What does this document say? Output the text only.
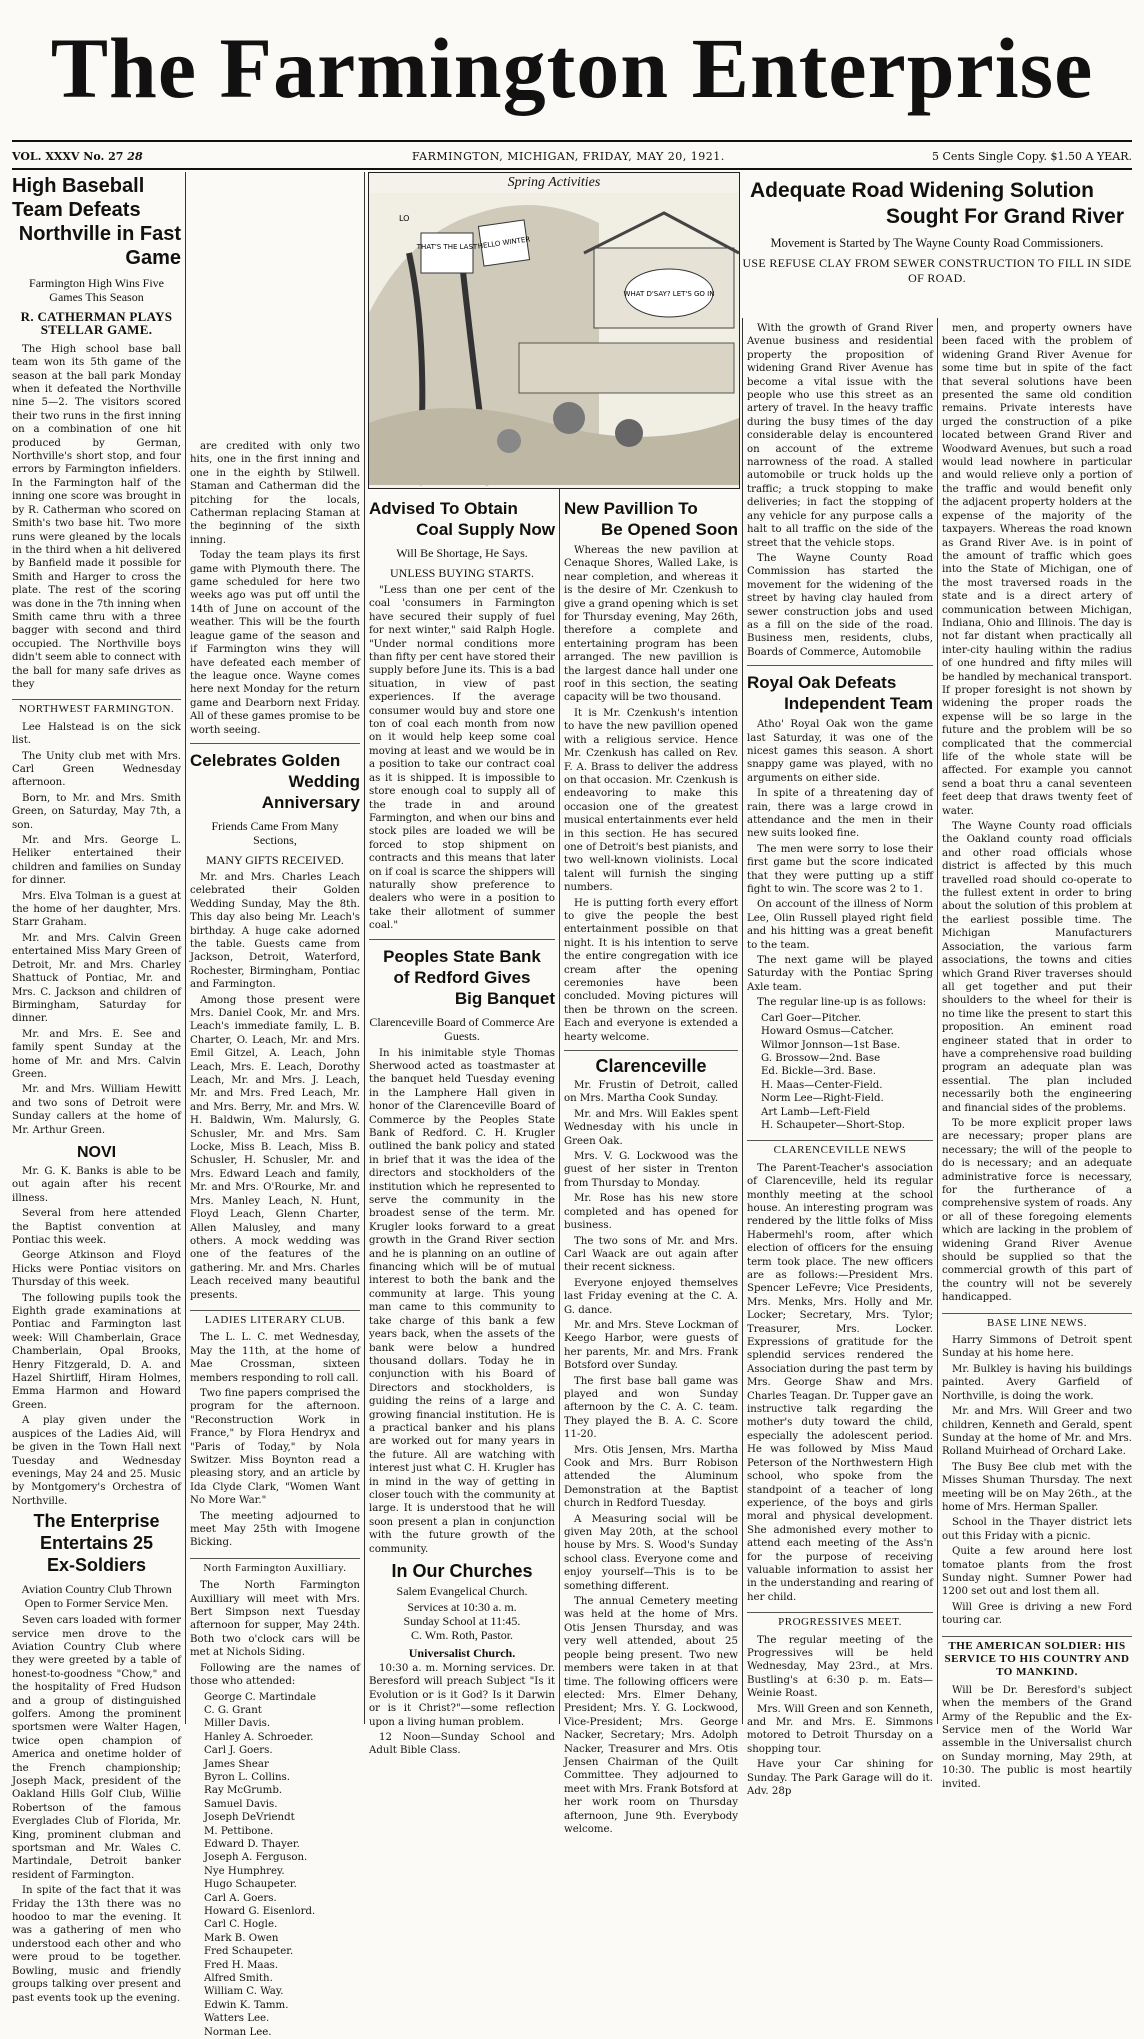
The Farmington Enterprise
VOL. XXXV No. 27 28	FARMINGTON, MICHIGAN, FRIDAY, MAY 20, 1921.	5 Cents Single Copy. $1.50 A YEAR.
High Baseball Team Defeats
Northville in Fast Game
Farmington High Wins Five Games This Season
R. CATHERMAN PLAYS STELLAR GAME.

The High school base ball team won its 5th game of the season at the ball park Monday when it defeated the Northville nine 5—2. The visitors scored their two runs in the first inning on a combination of one hit produced by German, Northville's short stop, and four errors by Farmington infielders. In the Farmington half of the inning one score was brought in by R. Catherman who scored on Smith's two base hit. Two more runs were gleaned by the locals in the third when a hit delivered by Banfield made it possible for Smith and Harger to cross the plate. The rest of the scoring was done in the 7th inning when Smith came thru with a three bagger with second and third occupied. The Northville boys didn't seem able to connect with the ball for many safe drives as they

NORTHWEST FARMINGTON.

Lee Halstead is on the sick list.

The Unity club met with Mrs. Carl Green Wednesday afternoon.

Born, to Mr. and Mrs. Smith Green, on Saturday, May 7th, a son.

Mr. and Mrs. George L. Heliker entertained their children and families on Sunday for dinner.

Mrs. Elva Tolman is a guest at the home of her daughter, Mrs. Starr Graham.

Mr. and Mrs. Calvin Green entertained Miss Mary Green of Detroit, Mr. and Mrs. Charley Shattuck of Pontiac, Mr. and Mrs. C. Jackson and children of Birmingham, Saturday for dinner.

Mr. and Mrs. E. See and family spent Sunday at the home of Mr. and Mrs. Calvin Green.

Mr. and Mrs. William Hewitt and two sons of Detroit were Sunday callers at the home of Mr. Arthur Green.

NOVI

Mr. G. K. Banks is able to be out again after his recent illness.

Several from here attended the Baptist convention at Pontiac this week.

George Atkinson and Floyd Hicks were Pontiac visitors on Thursday of this week.

The following pupils took the Eighth grade examinations at Pontiac and Farmington last week: Will Chamberlain, Grace Chamberlain, Opal Brooks, Henry Fitzgerald, D. A. and Hazel Shirtliff, Hiram Holmes, Emma Harmon and Howard Green.

A play given under the auspices of the Ladies Aid, will be given in the Town Hall next Tuesday and Wednesday evenings, May 24 and 25. Music by Montgomery's Orchestra of Northville.

The Enterprise
Entertains 25
Ex-Soldiers
Aviation Country Club Thrown Open to Former Service Men.

Seven cars loaded with former service men drove to the Aviation Country Club where they were greeted by a table of honest-to-goodness "Chow," and the hospitality of Fred Hudson and a group of distinguished golfers. Among the prominent sportsmen were Walter Hagen, twice open champion of America and onetime holder of the French championship; Joseph Mack, president of the Oakland Hills Golf Club, Willie Robertson of the famous Everglades Club of Florida, Mr. King, prominent clubman and sportsman and Mr. Wales C. Martindale, Detroit banker resident of Farmington.

In spite of the fact that it was Friday the 13th there was no hoodoo to mar the evening. It was a gathering of men who understood each other and who were proud to be together. Bowling, music and friendly groups talking over present and past events took up the evening.

are credited with only two hits, one in the first inning and one in the eighth by Stilwell. Staman and Catherman did the pitching for the locals, Catherman replacing Staman at the beginning of the sixth inning.

Today the team plays its first game with Plymouth there. The game scheduled for here two weeks ago was put off until the 14th of June on account of the weather. This will be the fourth league game of the season and if Farmington wins they will have defeated each member of the league once. Wayne comes here next Monday for the return game and Dearborn next Friday. All of these games promise to be worth seeing.

Celebrates Golden
Wedding Anniversary
Friends Came From Many Sections,
MANY GIFTS RECEIVED.

Mr. and Mrs. Charles Leach celebrated their Golden Wedding Sunday, May the 8th. This day also being Mr. Leach's birthday. A huge cake adorned the table. Guests came from Jackson, Detroit, Waterford, Rochester, Birmingham, Pontiac and Farmington.

Among those present were Mrs. Daniel Cook, Mr. and Mrs. Leach's immediate family, L. B. Charter, O. Leach, Mr. and Mrs. Emil Gitzel, A. Leach, John Leach, Mrs. E. Leach, Dorothy Leach, Mr. and Mrs. J. Leach, Mr. and Mrs. Fred Leach, Mr. and Mrs. Berry, Mr. and Mrs. W. H. Baldwin, Wm. Malursly, G. Schusler, Mr. and Mrs. Sam Locke, Miss B. Leach, Miss B. Schusler, H. Schusler, Mr. and Mrs. Edward Leach and family, Mr. and Mrs. O'Rourke, Mr. and Mrs. Manley Leach, N. Hunt, Floyd Leach, Glenn Charter, Allen Malusley, and many others. A mock wedding was one of the features of the gathering. Mr. and Mrs. Charles Leach received many beautiful presents.

LADIES LITERARY CLUB.

The L. L. C. met Wednesday, May the 11th, at the home of Mae Crossman, sixteen members responding to roll call.

Two fine papers comprised the program for the afternoon. "Reconstruction Work in France," by Flora Hendryx and "Paris of Today," by Nola Switzer. Miss Boynton read a pleasing story, and an article by Ida Clyde Clark, "Women Want No More War."

The meeting adjourned to meet May 25th with Imogene Bicking.

North Farmington Auxilliary.

The North Farmington Auxilliary will meet with Mrs. Bert Simpson next Tuesday afternoon for supper, May 24th. Both two o'clock cars will be met at Nichols Siding.

Following are the names of those who attended:

George C. Martindale
C. G. Grant
Miller Davis.
Hanley A. Schroeder.
Carl J. Goers.
James Shear
Byron L. Collins.
Ray McGrumb.
Samuel Davis.
Joseph DeVriendt
M. Pettibone.
Edward D. Thayer.
Joseph A. Ferguson.
Nye Humphrey.
Hugo Schaupeter.
Carl A. Goers.
Howard G. Eisenlord.
Carl C. Hogle.
Mark B. Owen
Fred Schaupeter.
Fred H. Maas.
Alfred Smith.
William C. Way.
Edwin K. Tamm.
Watters Lee.
Norman Lee.
Spring Activities
THAT'S THE LAST HELLO WINTER
WHAT D'SAY? LET'S GO IN
LO
Advised To Obtain
Coal Supply Now
Will Be Shortage, He Says.
UNLESS BUYING STARTS.

"Less than one per cent of the coal 'consumers in Farmington have secured their supply of fuel for next winter," said Ralph Hogle. "Under normal conditions more than fifty per cent have stored their supply before June its. This is a bad situation, in view of past experiences. If the average consumer would buy and store one ton of coal each month from now on it would help keep some coal moving at least and we would be in a position to take our contract coal as it is shipped. It is impossible to store enough coal to supply all of the trade in and around Farmington, and when our bins and stock piles are loaded we will be forced to stop shipment on contracts and this means that later on if coal is scarce the shippers will naturally show preference to dealers who were in a position to take their allotment of summer coal."

Peoples State Bank
of Redford Gives
Big Banquet
Clarenceville Board of Commerce Are Guests.

In his inimitable style Thomas Sherwood acted as toastmaster at the banquet held Tuesday evening in the Lamphere Hall given in honor of the Clarenceville Board of Commerce by the Peoples State Bank of Redford. C. H. Krugler outlined the bank policy and stated in brief that it was the idea of the directors and stockholders of the institution which he represented to serve the community in the broadest sense of the term. Mr. Krugler looks forward to a great growth in the Grand River section and he is planning on an outline of financing which will be of mutual interest to both the bank and the community at large. This young man came to this community to take charge of this bank a few years back, when the assets of the bank were below a hundred thousand dollars. Today he in conjunction with his Board of Directors and stockholders, is guiding the reins of a large and growing financial institution. He is a practical banker and his plans are worked out for many years in the future. All are watching with interest just what C. H. Krugler has in mind in the way of getting in closer touch with the community at large. It is understood that he will soon present a plan in conjunction with the future growth of the community.

In Our Churches
Salem Evangelical Church.
Services at 10:30 a. m.
Sunday School at 11:45.
C. Wm. Roth, Pastor.
Universalist Church.

10:30 a. m. Morning services. Dr. Beresford will preach Subject "Is it Evolution or is it God? Is it Darwin or is it Christ?"—some reflection upon a living human problem.

12 Noon—Sunday School and Adult Bible Class.

New Pavillion To
Be Opened Soon

Whereas the new pavilion at Cenaque Shores, Walled Lake, is near completion, and whereas it is the desire of Mr. Czenkush to give a grand opening which is set for Thursday evening, May 26th, therefore a complete and entertaining program has been arranged. The new pavillion is the largest dance hall under one roof in this section, the seating capacity will be two thousand.

It is Mr. Czenkush's intention to have the new pavillion opened with a religious service. Hence Mr. Czenkush has called on Rev. F. A. Brass to deliver the address on that occasion. Mr. Czenkush is endeavoring to make this occasion one of the greatest musical entertainments ever held in this section. He has secured one of Detroit's best pianists, and two well-known violinists. Local talent will furnish the singing numbers.

He is putting forth every effort to give the people the best entertainment possible on that night. It is his intention to serve the entire congregation with ice cream after the opening ceremonies have been concluded. Moving pictures will then be thrown on the screen. Each and everyone is extended a hearty welcome.

Clarenceville

Mr. Frustin of Detroit, called on Mrs. Martha Cook Sunday.

Mr. and Mrs. Will Eakles spent Wednesday with his uncle in Green Oak.

Mrs. V. G. Lockwood was the guest of her sister in Trenton from Thursday to Monday.

Mr. Rose has his new store completed and has opened for business.

The two sons of Mr. and Mrs. Carl Waack are out again after their recent sickness.

Everyone enjoyed themselves last Friday evening at the C. A. G. dance.

Mr. and Mrs. Steve Lockman of Keego Harbor, were guests of her parents, Mr. and Mrs. Frank Botsford over Sunday.

The first base ball game was played and won Sunday afternoon by the C. A. C. team. They played the B. A. C. Score 11-20.

Mrs. Otis Jensen, Mrs. Martha Cook and Mrs. Burr Robison attended the Aluminum Demonstration at the Baptist church in Redford Tuesday.

A Measuring social will be given May 20th, at the school house by Mrs. S. Wood's Sunday school class. Everyone come and enjoy yourself—This is to be something different.

The annual Cemetery meeting was held at the home of Mrs. Otis Jensen Thursday, and was very well attended, about 25 people being present. Two new members were taken in at that time. The following officers were elected: Mrs. Elmer Dehany, President; Mrs. Y. G. Lockwood, Vice-President; Mrs. George Nacker, Secretary; Mrs. Adolph Nacker, Treasurer and Mrs. Otis Jensen Chairman of the Quilt Committee. They adjourned to meet with Mrs. Frank Botsford at her work room on Thursday afternoon, June 9th. Everybody welcome.

With the growth of Grand River Avenue business and residential property the proposition of widening Grand River Avenue has become a vital issue with the people who use this street as an artery of travel. In the heavy traffic during the busy times of the day considerable delay is encountered on account of the extreme narrowness of the road. A stalled automobile or truck holds up the traffic; a truck stopping to make deliveries; in fact the stopping of any vehicle for any purpose calls a halt to all traffic on the side of the street that the vehicle stops.

The Wayne County Road Commission has started the movement for the widening of the street by having clay hauled from sewer construction jobs and used as a fill on the side of the road. Business men, residents, clubs, Boards of Commerce, Automobile

Royal Oak Defeats
Independent Team

Atho' Royal Oak won the game last Saturday, it was one of the nicest games this season. A short snappy game was played, with no arguments on either side.

In spite of a threatening day of rain, there was a large crowd in attendance and the men in their new suits looked fine.

The men were sorry to lose their first game but the score indicated that they were putting up a stiff fight to win. The score was 2 to 1.

On account of the illness of Norm Lee, Olin Russell played right field and his hitting was a great benefit to the team.

The next game will be played Saturday with the Pontiac Spring Axle team.

The regular line-up is as follows:

Carl Goer—Pitcher.
Howard Osmus—Catcher.
Wilmor Jonnson—1st Base.
G. Brossow—2nd. Base
Ed. Bickle—3rd. Base.
H. Maas—Center-Field.
Norm Lee—Right-Field.
Art Lamb—Left-Field
H. Schaupeter—Short-Stop.
CLARENCEVILLE NEWS

The Parent-Teacher's association of Clarenceville, held its regular monthly meeting at the school house. An interesting program was rendered by the little folks of Miss Habermehl's room, after which election of officers for the ensuing term took place. The new officers are as follows:—President Mrs. Spencer LeFevre; Vice Presidents, Mrs. Menks, Mrs. Holly and Mr. Locker; Secretary, Mrs. Tylor; Treasurer, Mrs. Locker. Expressions of gratitude for the splendid services rendered the Association during the past term by Mrs. George Shaw and Mrs. Charles Teagan. Dr. Tupper gave an instructive talk regarding the mother's duty toward the child, especially the adolescent period. He was followed by Miss Maud Peterson of the Northwestern High school, who spoke from the standpoint of a teacher of long experience, of the boys and girls moral and physical development. She admonished every mother to attend each meeting of the Ass'n for the purpose of receiving valuable information to assist her in the understanding and rearing of her child.

PROGRESSIVES MEET.

The regular meeting of the Progressives will be held Wednesday, May 23rd., at Mrs. Bustling's at 6:30 p. m. Eats—Weinie Roast.

Mrs. Will Green and son Kenneth, and Mr. and Mrs. E. Simmons motored to Detroit Thursday on a shopping tour.

Have your Car shining for Sunday. The Park Garage will do it. Adv. 28p

Adequate Road Widening Solution
Sought For Grand River
Movement is Started by The Wayne County Road Commissioners.
USE REFUSE CLAY FROM SEWER CONSTRUCTION TO FILL IN SIDE OF ROAD.

men, and property owners have been faced with the problem of widening Grand River Avenue for some time but in spite of the fact that several solutions have been presented the same old condition remains. Private interests have urged the construction of a pike located between Grand River and Woodward Avenues, but such a road would lead nowhere in particular and would relieve only a portion of the traffic and would benefit only the adjacent property holders at the expense of the majority of the taxpayers. Whereas the road known as Grand River Ave. is in point of the amount of traffic which goes into the State of Michigan, one of the most traversed roads in the state and is a direct artery of communication between Michigan, Indiana, Ohio and Illinois. The day is not far distant when practically all inter-city hauling within the radius of one hundred and fifty miles will be handled by mechanical transport. If proper foresight is not shown by widening the proper roads the expense will be so large in the future and the problem will be so complicated that the commercial life of the whole state will be affected. For example you cannot send a boat thru a canal seventeen feet deep that draws twenty feet of water.

The Wayne County road officials the Oakland county road officials and other road officials whose district is affected by this much travelled road should co-operate to the fullest extent in order to bring about the solution of this problem at the earliest possible time. The Michigan Manufacturers Association, the various farm associations, the towns and cities which Grand River traverses should all get together and put their shoulders to the wheel for their is no time like the present to start this proposition. An eminent road engineer stated that in order to have a comprehensive road building program an adequate plan was essential. The plan included necessarily both the engineering and financial sides of the problems.

To be more explicit proper laws are necessary; proper plans are necessary; the will of the people to do is necessary; and an adequate administrative force is necessary, for the furtherance of a comprehensive system of roads. Any or all of these foregoing elements which are lacking in the problem of widening Grand River Avenue should be supplied so that the commercial growth of this part of the country will not be severely handicapped.

BASE LINE NEWS.

Harry Simmons of Detroit spent Sunday at his home here.

Mr. Bulkley is having his buildings painted. Avery Garfield of Northville, is doing the work.

Mr. and Mrs. Will Greer and two children, Kenneth and Gerald, spent Sunday at the home of Mr. and Mrs. Rolland Muirhead of Orchard Lake.

The Busy Bee club met with the Misses Shuman Thursday. The next meeting will be on May 26th., at the home of Mrs. Herman Spaller.

School in the Thayer district lets out this Friday with a picnic.

Quite a few around here lost tomatoe plants from the frost Sunday night. Sumner Power had 1200 set out and lost them all.

Will Gree is driving a new Ford touring car.

THE AMERICAN SOLDIER: HIS SERVICE TO HIS COUNTRY AND TO MANKIND.

Will be Dr. Beresford's subject when the members of the Grand Army of the Republic and the Ex-Service men of the World War assemble in the Universalist church on Sunday morning, May 29th, at 10:30. The public is most heartily invited.
